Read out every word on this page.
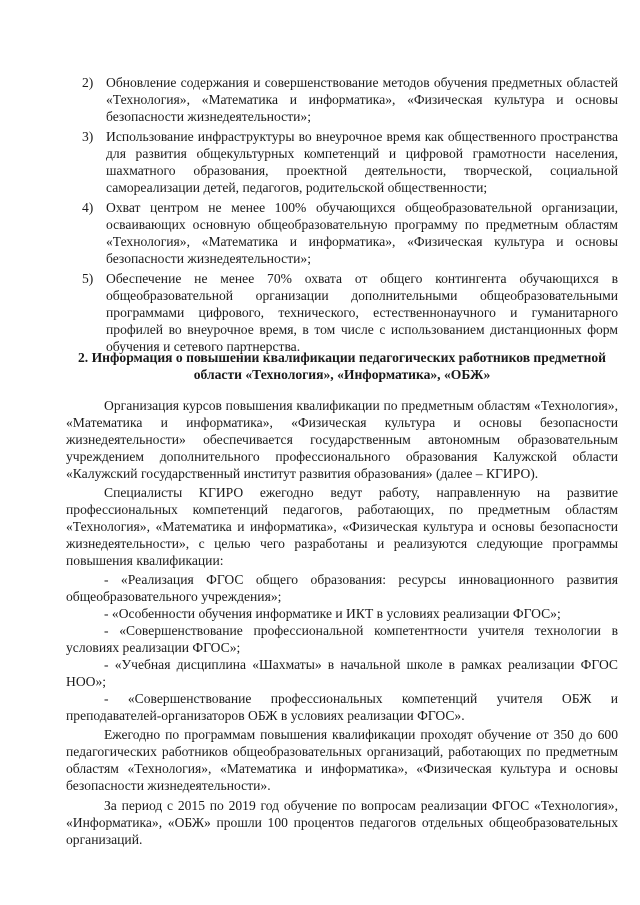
2) Обновление содержания и совершенствование методов обучения предметных областей «Технология», «Математика и информатика», «Физическая культура и основы безопасности жизнедеятельности»;
3) Использование инфраструктуры во внеурочное время как общественного пространства для развития общекультурных компетенций и цифровой грамотности населения, шахматного образования, проектной деятельности, творческой, социальной самореализации детей, педагогов, родительской общественности;
4) Охват центром не менее 100% обучающихся общеобразовательной организации, осваивающих основную общеобразовательную программу по предметным областям «Технология», «Математика и информатика», «Физическая культура и основы безопасности жизнедеятельности»;
5) Обеспечение не менее 70% охвата от общего контингента обучающихся в общеобразовательной организации дополнительными общеобразовательными программами цифрового, технического, естественнонаучного и гуманитарного профилей во внеурочное время, в том числе с использованием дистанционных форм обучения и сетевого партнерства.

2. Информация о повышении квалификации педагогических работников предметной области «Технология», «Информатика», «ОБЖ»

Организация курсов повышения квалификации по предметным областям «Технология», «Математика и информатика», «Физическая культура и основы безопасности жизнедеятельности» обеспечивается государственным автономным образовательным учреждением дополнительного профессионального образования Калужской области «Калужский государственный институт развития образования» (далее – КГИРО).

Специалисты КГИРО ежегодно ведут работу, направленную на развитие профессиональных компетенций педагогов, работающих, по предметным областям «Технология», «Математика и информатика», «Физическая культура и основы безопасности жизнедеятельности», с целью чего разработаны и реализуются следующие программы повышения квалификации:

- «Реализация ФГОС общего образования: ресурсы инновационного развития общеобразовательного учреждения»;

- «Особенности обучения информатике и ИКТ в условиях реализации ФГОС»;

- «Совершенствование профессиональной компетентности учителя технологии в условиях реализации ФГОС»;

- «Учебная дисциплина «Шахматы» в начальной школе в рамках реализации ФГОС НОО»;

- «Совершенствование профессиональных компетенций учителя ОБЖ и преподавателей-организаторов ОБЖ в условиях реализации ФГОС».

Ежегодно по программам повышения квалификации проходят обучение от 350 до 600 педагогических работников общеобразовательных организаций, работающих по предметным областям «Технология», «Математика и информатика», «Физическая культура и основы безопасности жизнедеятельности».

За период с 2015 по 2019 год обучение по вопросам реализации ФГОС «Технология», «Информатика», «ОБЖ» прошли 100 процентов педагогов отдельных общеобразовательных организаций.
